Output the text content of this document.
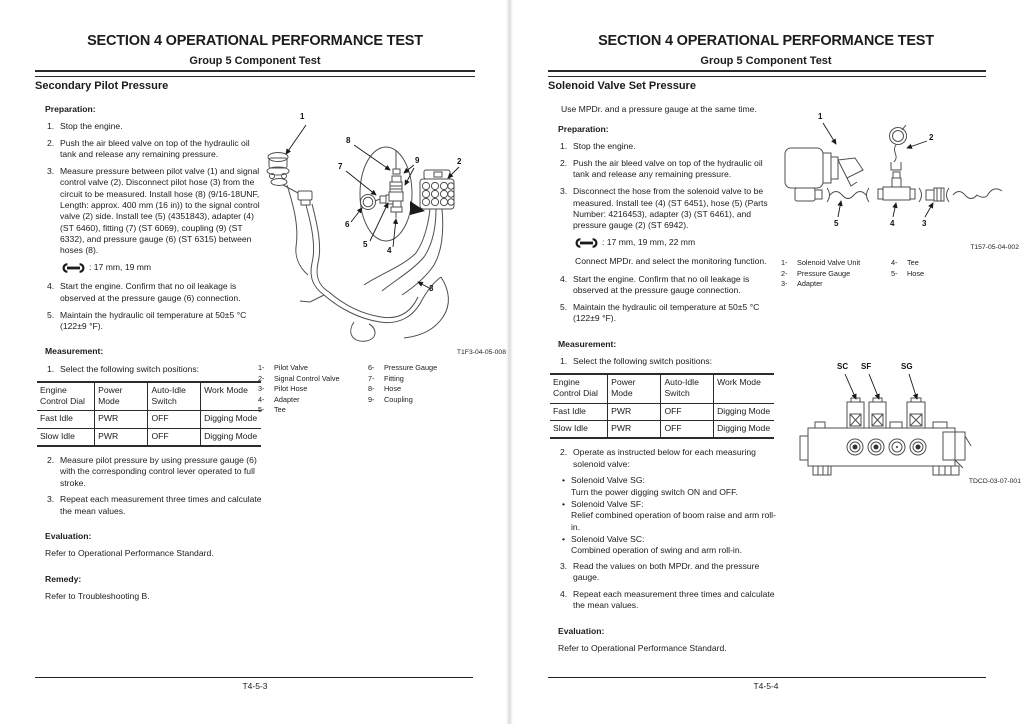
SECTION 4 OPERATIONAL PERFORMANCE TEST
Group 5 Component Test
Secondary Pilot Pressure
Preparation:
1. Stop the engine.
2. Push the air bleed valve on top of the hydraulic oil tank and release any remaining pressure.
3. Measure pressure between pilot valve (1) and signal control valve (2). Disconnect pilot hose (3) from the circuit to be measured. Install hose (8) (9/16-18UNF, Length: approx. 400 mm (16 in)) to the signal control valve (2) side. Install tee (5) (4351843), adapter (4) (ST 6460), fitting (7) (ST 6069), coupling (9) (ST 6332), and pressure gauge (6) (ST 6315) between hoses (8).
: 17 mm, 19 mm
4. Start the engine. Confirm that no oil leakage is observed at the pressure gauge (6) connection.
5. Maintain the hydraulic oil temperature at 50±5 °C (122±9 °F).
Measurement:
1. Select the following switch positions:
Engine Control Dial	Power Mode	Auto-Idle Switch	Work Mode
Fast Idle	PWR	OFF	Digging Mode
Slow Idle	PWR	OFF	Digging Mode
2. Measure pilot pressure by using pressure gauge (6) with the corresponding control lever operated to full stroke.
3. Repeat each measurement three times and calculate the mean values.
Evaluation:
Refer to Operational Performance Standard.
Remedy:
Refer to Troubleshooting B.
1
2
3
4
5
6
7
8
9
T1F3-04-05-008
1-	Pilot Valve
2-	Signal Control Valve
3-	Pilot Hose
4-	Adapter
5-	Tee
6-	Pressure Gauge
7-	Fitting
8-	Hose
9-	Coupling
T4-5-3
SECTION 4 OPERATIONAL PERFORMANCE TEST
Group 5 Component Test
Solenoid Valve Set Pressure
Use MPDr. and a pressure gauge at the same time.
Preparation:
1. Stop the engine.
2. Push the air bleed valve on top of the hydraulic oil tank and release any remaining pressure.
3. Disconnect the hose from the solenoid valve to be measured. Install tee (4) (ST 6451), hose (5) (Parts Number: 4216453), adapter (3) (ST 6461), and pressure gauge (2) (ST 6942).
: 17 mm, 19 mm, 22 mm
Connect MPDr. and select the monitoring function.
4. Start the engine. Confirm that no oil leakage is observed at the pressure gauge connection.
5. Maintain the hydraulic oil temperature at 50±5 °C (122±9 °F).
Measurement:
1. Select the following switch positions:
Engine Control Dial	Power Mode	Auto-Idle Switch	Work Mode
Fast Idle	PWR	OFF	Digging Mode
Slow Idle	PWR	OFF	Digging Mode
2. Operate as instructed below for each measuring solenoid valve:
• Solenoid Valve SG:
Turn the power digging switch ON and OFF.
• Solenoid Valve SF:
Relief combined operation of boom raise and arm roll-in.
• Solenoid Valve SC:
Combined operation of swing and arm roll-in.
3. Read the values on both MPDr. and the pressure gauge.
4. Repeat each measurement three times and calculate the mean values.
Evaluation:
Refer to Operational Performance Standard.
1
2
3
4
5
T157-05-04-002
1-	Solenoid Valve Unit
2-	Pressure Gauge
3-	Adapter
4-	Tee
5-	Hose
SC SF	SG
TDCD-03-07-001
T4-5-4
